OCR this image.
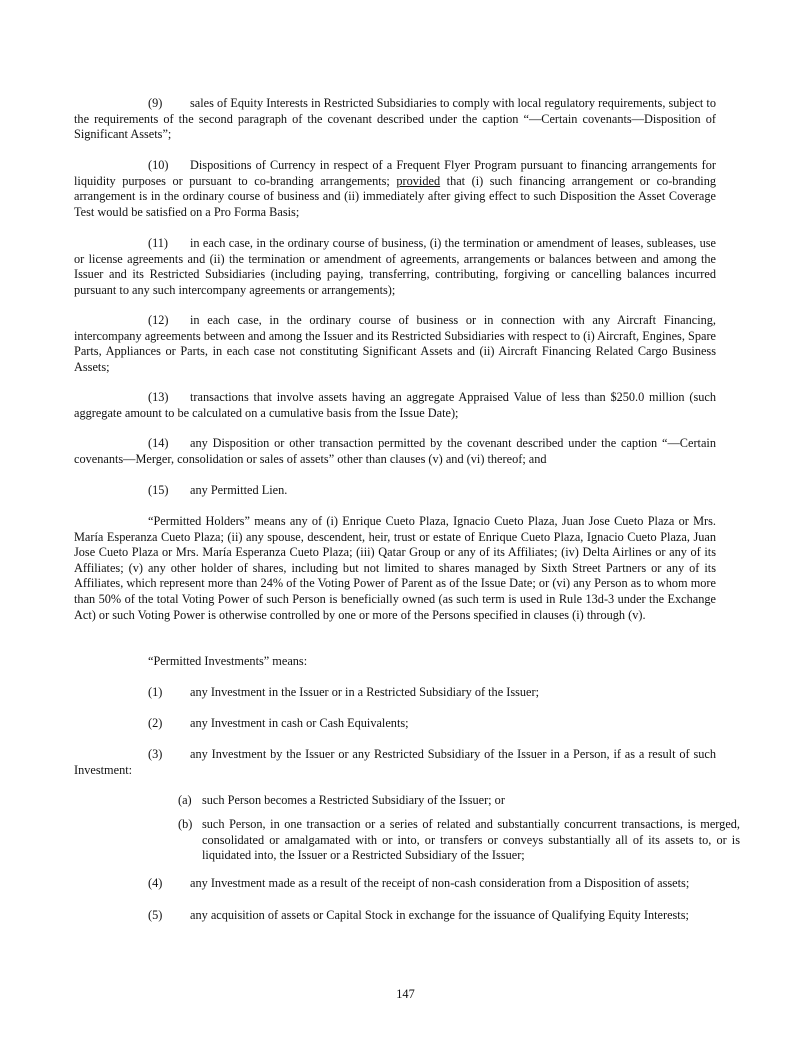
(9) sales of Equity Interests in Restricted Subsidiaries to comply with local regulatory requirements, subject to the requirements of the second paragraph of the covenant described under the caption “—Certain covenants—Disposition of Significant Assets”;

(10) Dispositions of Currency in respect of a Frequent Flyer Program pursuant to financing arrangements for liquidity purposes or pursuant to co-branding arrangements; provided that (i) such financing arrangement or co-branding arrangement is in the ordinary course of business and (ii) immediately after giving effect to such Disposition the Asset Coverage Test would be satisfied on a Pro Forma Basis;

(11) in each case, in the ordinary course of business, (i) the termination or amendment of leases, subleases, use or license agreements and (ii) the termination or amendment of agreements, arrangements or balances between and among the Issuer and its Restricted Subsidiaries (including paying, transferring, contributing, forgiving or cancelling balances incurred pursuant to any such intercompany agreements or arrangements);

(12) in each case, in the ordinary course of business or in connection with any Aircraft Financing, intercompany agreements between and among the Issuer and its Restricted Subsidiaries with respect to (i) Aircraft, Engines, Spare Parts, Appliances or Parts, in each case not constituting Significant Assets and (ii) Aircraft Financing Related Cargo Business Assets;

(13) transactions that involve assets having an aggregate Appraised Value of less than $250.0 million (such aggregate amount to be calculated on a cumulative basis from the Issue Date);

(14) any Disposition or other transaction permitted by the covenant described under the caption “—Certain covenants—Merger, consolidation or sales of assets” other than clauses (v) and (vi) thereof; and

(15) any Permitted Lien.

“Permitted Holders” means any of (i) Enrique Cueto Plaza, Ignacio Cueto Plaza, Juan Jose Cueto Plaza or Mrs. María Esperanza Cueto Plaza; (ii) any spouse, descendent, heir, trust or estate of Enrique Cueto Plaza, Ignacio Cueto Plaza, Juan Jose Cueto Plaza or Mrs. María Esperanza Cueto Plaza; (iii) Qatar Group or any of its Affiliates; (iv) Delta Airlines or any of its Affiliates; (v) any other holder of shares, including but not limited to shares managed by Sixth Street Partners or any of its Affiliates, which represent more than 24% of the Voting Power of Parent as of the Issue Date; or (vi) any Person as to whom more than 50% of the total Voting Power of such Person is beneficially owned (as such term is used in Rule 13d-3 under the Exchange Act) or such Voting Power is otherwise controlled by one or more of the Persons specified in clauses (i) through (v).

“Permitted Investments” means:

(1) any Investment in the Issuer or in a Restricted Subsidiary of the Issuer;

(2) any Investment in cash or Cash Equivalents;

(3) any Investment by the Issuer or any Restricted Subsidiary of the Issuer in a Person, if as a result of such Investment:

(a) such Person becomes a Restricted Subsidiary of the Issuer; or

(b) such Person, in one transaction or a series of related and substantially concurrent transactions, is merged, consolidated or amalgamated with or into, or transfers or conveys substantially all of its assets to, or is liquidated into, the Issuer or a Restricted Subsidiary of the Issuer;

(4) any Investment made as a result of the receipt of non-cash consideration from a Disposition of assets;

(5) any acquisition of assets or Capital Stock in exchange for the issuance of Qualifying Equity Interests;

147
